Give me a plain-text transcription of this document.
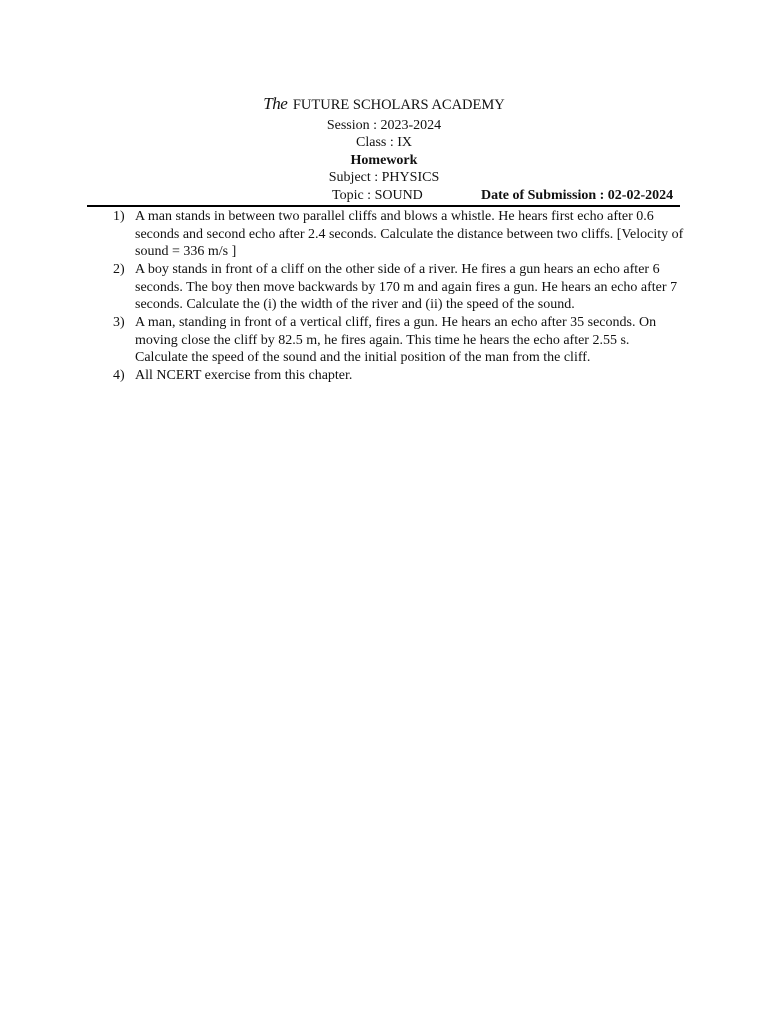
The FUTURE SCHOLARS ACADEMY
Session : 2023-2024
Class : IX
Homework
Subject : PHYSICS
Topic : SOUND	Date of Submission : 02-02-2024
1) A man stands in between two parallel cliffs and blows a whistle. He hears first echo after 0.6
seconds and second echo after 2.4 seconds. Calculate the distance between two cliffs. [Velocity of
sound = 336 m/s ]
2) A boy stands in front of a cliff on the other side of a river. He fires a gun hears an echo after 6
seconds. The boy then move backwards by 170 m and again fires a gun. He hears an echo after 7
seconds. Calculate the (i) the width of the river and (ii) the speed of the sound.
3) A man, standing in front of a vertical cliff, fires a gun. He hears an echo after 35 seconds. On
moving close the cliff by 82.5 m, he fires again. This time he hears the echo after 2.55 s.
Calculate the speed of the sound and the initial position of the man from the cliff.
4) All NCERT exercise from this chapter.
